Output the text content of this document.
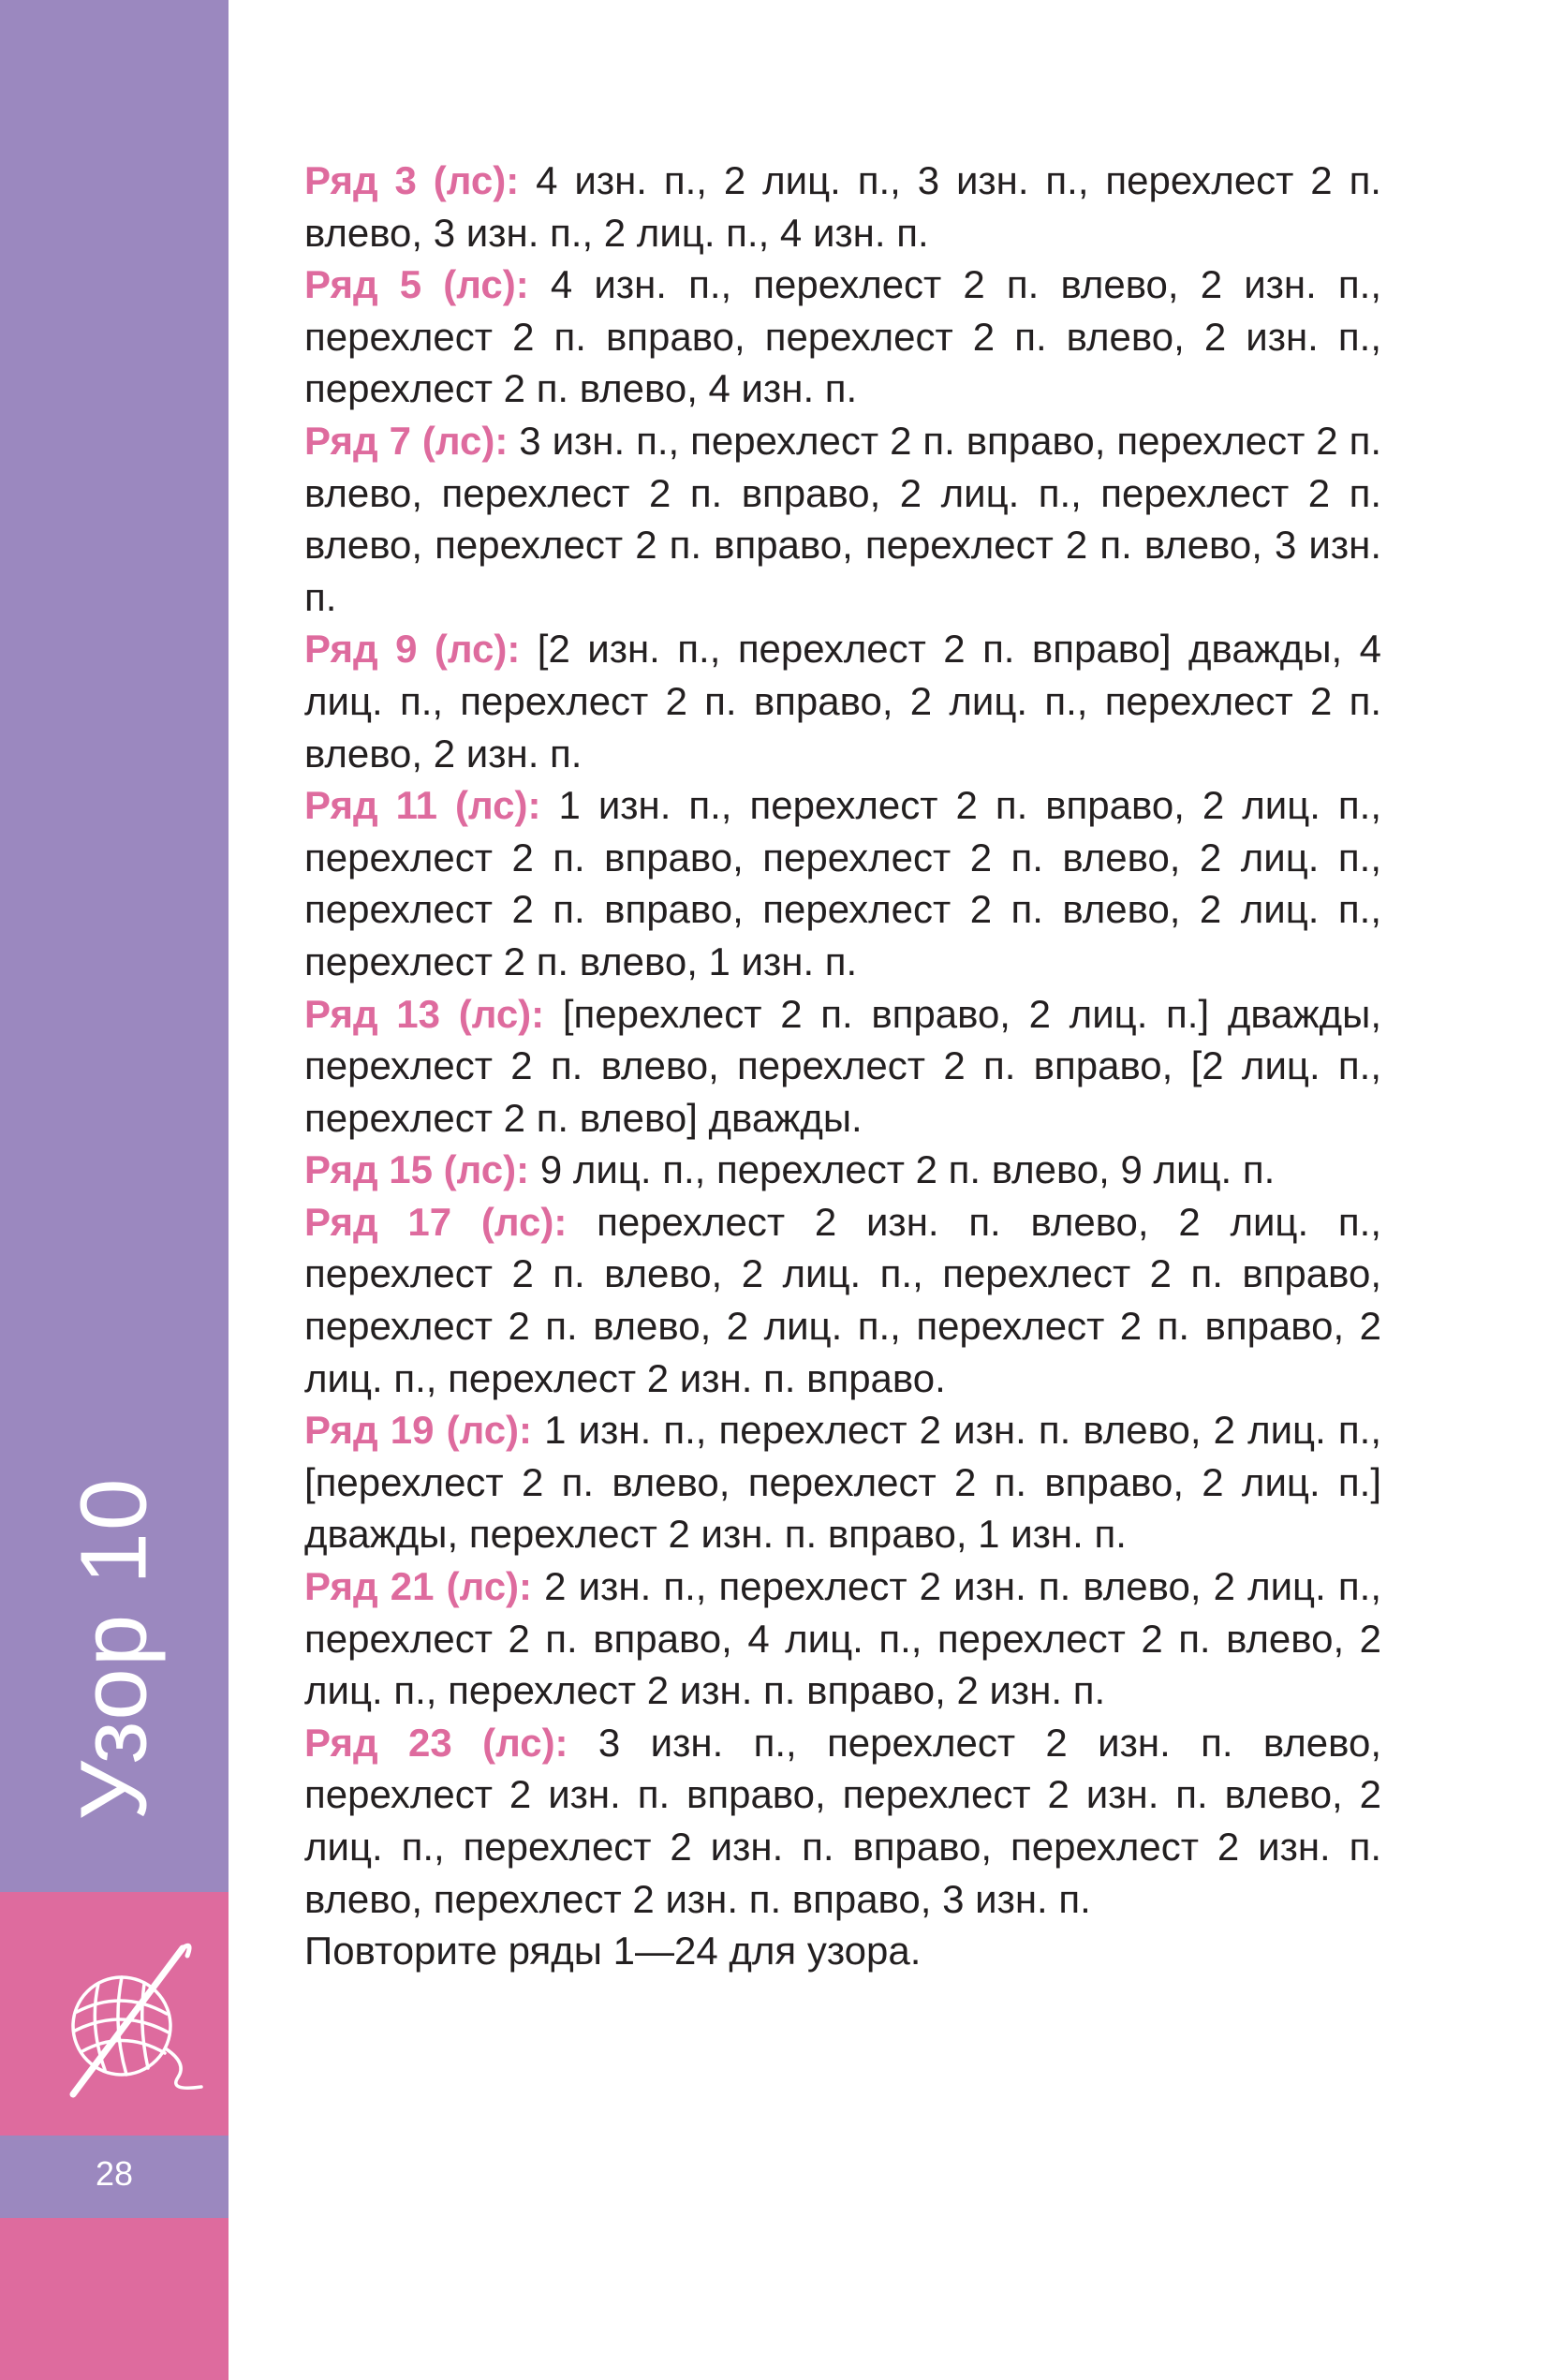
Узор 10
28

Ряд 3 (лс): 4 изн. п., 2 лиц. п., 3 изн. п., перехлест 2 п. влево, 3 изн. п., 2 лиц. п., 4 изн. п.

Ряд 5 (лс): 4 изн. п., перехлест 2 п. влево, 2 изн. п., перехлест 2 п. вправо, перехлест 2 п. влево, 2 изн. п., перехлест 2 п. влево, 4 изн. п.

Ряд 7 (лс): 3 изн. п., перехлест 2 п. вправо, перехлест 2 п. влево, перехлест 2 п. вправо, 2 лиц. п., перехлест 2 п. влево, перехлест 2 п. вправо, перехлест 2 п. влево, 3 изн. п.

Ряд 9 (лс): [2 изн. п., перехлест 2 п. вправо] дважды, 4 лиц. п., перехлест 2 п. вправо, 2 лиц. п., перехлест 2 п. влево, 2 изн. п.

Ряд 11 (лс): 1 изн. п., перехлест 2 п. вправо, 2 лиц. п., перехлест 2 п. вправо, перехлест 2 п. влево, 2 лиц. п., перехлест 2 п. вправо, перехлест 2 п. влево, 2 лиц. п., перехлест 2 п. влево, 1 изн. п.

Ряд 13 (лс): [перехлест 2 п. вправо, 2 лиц. п.] дважды, перехлест 2 п. влево, перехлест 2 п. вправо, [2 лиц. п., перехлест 2 п. влево] дважды.

Ряд 15 (лс): 9 лиц. п., перехлест 2 п. влево, 9 лиц. п.

Ряд 17 (лс): перехлест 2 изн. п. влево, 2 лиц. п., перехлест 2 п. влево, 2 лиц. п., перехлест 2 п. вправо, перехлест 2 п. влево, 2 лиц. п., перехлест 2 п. вправо, 2 лиц. п., перехлест 2 изн. п. вправо.

Ряд 19 (лс): 1 изн. п., перехлест 2 изн. п. влево, 2 лиц. п., [перехлест 2 п. влево, перехлест 2 п. вправо, 2 лиц. п.] дважды, перехлест 2 изн. п. вправо, 1 изн. п.

Ряд 21 (лс): 2 изн. п., перехлест 2 изн. п. влево, 2 лиц. п., перехлест 2 п. вправо, 4 лиц. п., перехлест 2 п. влево, 2 лиц. п., перехлест 2 изн. п. вправо, 2 изн. п.

Ряд 23 (лс): 3 изн. п., перехлест 2 изн. п. влево, перехлест 2 изн. п. вправо, перехлест 2 изн. п. влево, 2 лиц. п., перехлест 2 изн. п. вправо, перехлест 2 изн. п. влево, перехлест 2 изн. п. вправо, 3 изн. п.

Повторите ряды 1—24 для узора.
